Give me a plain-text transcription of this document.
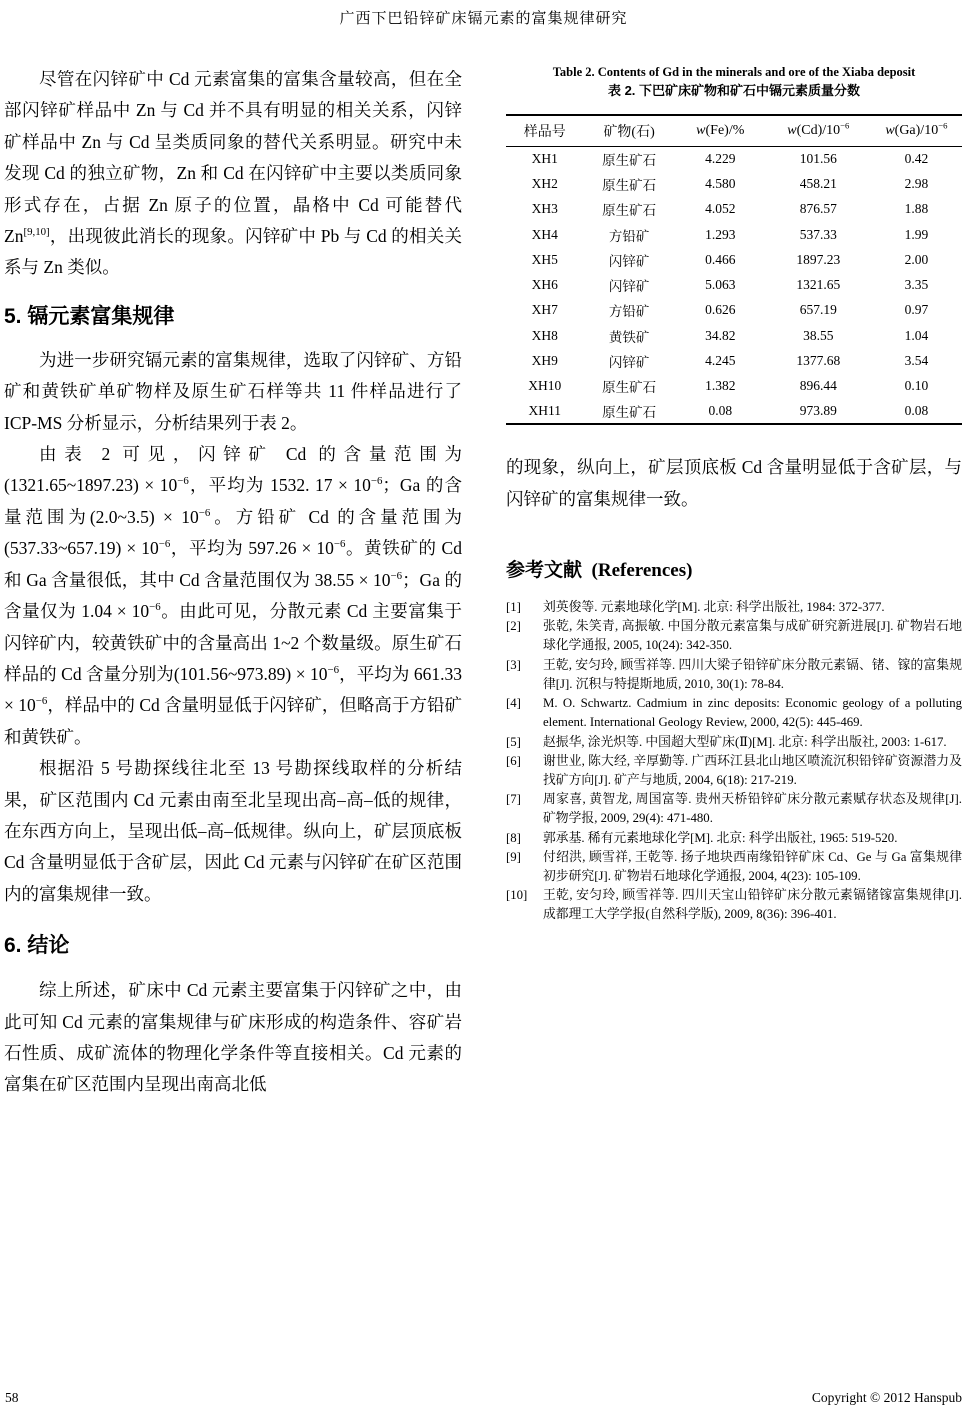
广西下巴铅锌矿床镉元素的富集规律研究

尽管在闪锌矿中 Cd 元素富集的富集含量较高，但在全部闪锌矿样品中 Zn 与 Cd 并不具有明显的相关关系，闪锌矿样品中 Zn 与 Cd 呈类质同象的替代关系明显。研究中未发现 Cd 的独立矿物，Zn 和 Cd 在闪锌矿中主要以类质同象形式存在，占据 Zn 原子的位置，晶格中 Cd 可能替代 Zn[9,10]，出现彼此消长的现象。闪锌矿中 Pb 与 Cd 的相关关系与 Zn 类似。

5. 镉元素富集规律

为进一步研究镉元素的富集规律，选取了闪锌矿、方铅矿和黄铁矿单矿物样及原生矿石样等共 11 件样品进行了 ICP-MS 分析显示，分析结果列于表 2。

由表 2 可见，闪锌矿 Cd 的含量范围为(1321.65~1897.23) × $10^{-6}$，平均为 1532. $17 \times 10^{-6}$；Ga 的含量范围为(2.0~3.5) × $10^{-6}$。方铅矿 Cd 的含量范围为(537.33~657.19) × $10^{-6}$，平均为 $597.26 \times 10^{-6}$。黄铁矿的 Cd 和 Ga 含量很低，其中 Cd 含量范围仅为 $38.55 \times 10^{-6}$；Ga 的含量仅为 $1.04 \times 10^{-6}$。由此可见，分散元素 Cd 主要富集于闪锌矿内，较黄铁矿中的含量高出 1~2 个数量级。原生矿石样品的 Cd 含量分别为(101.56~973.89) × $10^{-6}$，平均为 $661.33 \times 10^{-6}$，样品中的 Cd 含量明显低于闪锌矿，但略高于方铅矿和黄铁矿。

根据沿 5 号勘探线往北至 13 号勘探线取样的分析结果，矿区范围内 Cd 元素由南至北呈现出高–高–低的规律，在东西方向上，呈现出低–高–低规律。纵向上，矿层顶底板 Cd 含量明显低于含矿层，因此 Cd 元素与闪锌矿在矿区范围内的富集规律一致。

6. 结论

综上所述，矿床中 Cd 元素主要富集于闪锌矿之中，由此可知 Cd 元素的富集规律与矿床形成的构造条件、容矿岩石性质、成矿流体的物理化学条件等直接相关。Cd 元素的富集在矿区范围内呈现出南高北低

Table 2. Contents of Gd in the minerals and ore of the Xiaba deposit
表 2. 下巴矿床矿物和矿石中镉元素质量分数
样品号	矿物(石)	w(Fe)/%	$w(Cd)/10^{-6}$	$w(Ga)/10^{-6}$
XH1	原生矿石	4.229	101.56	0.42
XH2	原生矿石	4.580	458.21	2.98
XH3	原生矿石	4.052	876.57	1.88
XH4	方铅矿	1.293	537.33	1.99
XH5	闪锌矿	0.466	1897.23	2.00
XH6	闪锌矿	5.063	1321.65	3.35
XH7	方铅矿	0.626	657.19	0.97
XH8	黄铁矿	34.82	38.55	1.04
XH9	闪锌矿	4.245	1377.68	3.54
XH10	原生矿石	1.382	896.44	0.10
XH11	原生矿石	0.08	973.89	0.08

的现象，纵向上，矿层顶底板 Cd 含量明显低于含矿层，与闪锌矿的富集规律一致。

参考文献 (References)
[1]	刘英俊等. 元素地球化学[M]. 北京: 科学出版社, 1984: 372-377.
[2]	张乾, 朱笑青, 高振敏. 中国分散元素富集与成矿研究新进展[J]. 矿物岩石地球化学通报, 2005, 10(24): 342-350.
[3]	王乾, 安匀玲, 顾雪祥等. 四川大梁子铅锌矿床分散元素镉、锗、镓的富集规律[J]. 沉积与特提斯地质, 2010, 30(1): 78-84.
[4]	M. O. Schwartz. Cadmium in zinc deposits: Economic geology of a polluting element. International Geology Review, 2000, 42(5): 445-469.
[5]	赵振华, 涂光炽等. 中国超大型矿床(Ⅱ)[M]. 北京: 科学出版社, 2003: 1-617.
[6]	谢世业, 陈大经, 辛厚勤等. 广西环江县北山地区喷流沉积铅锌矿资源潜力及找矿方向[J]. 矿产与地质, 2004, 6(18): 217-219.
[7]	周家喜, 黄智龙, 周国富等. 贵州天桥铅锌矿床分散元素赋存状态及规律[J]. 矿物学报, 2009, 29(4): 471-480.
[8]	郭承基. 稀有元素地球化学[M]. 北京: 科学出版社, 1965: 519-520.
[9]	付绍洪, 顾雪祥, 王乾等. 扬子地块西南缘铅锌矿床 Cd、Ge 与 Ga 富集规律初步研究[J]. 矿物岩石地球化学通报, 2004, 4(23): 105-109.
[10]	王乾, 安匀玲, 顾雪祥等. 四川天宝山铅锌矿床分散元素镉锗镓富集规律[J]. 成都理工大学学报(自然科学版), 2009, 8(36): 396-401.
58	Copyright © 2012 Hanspub
